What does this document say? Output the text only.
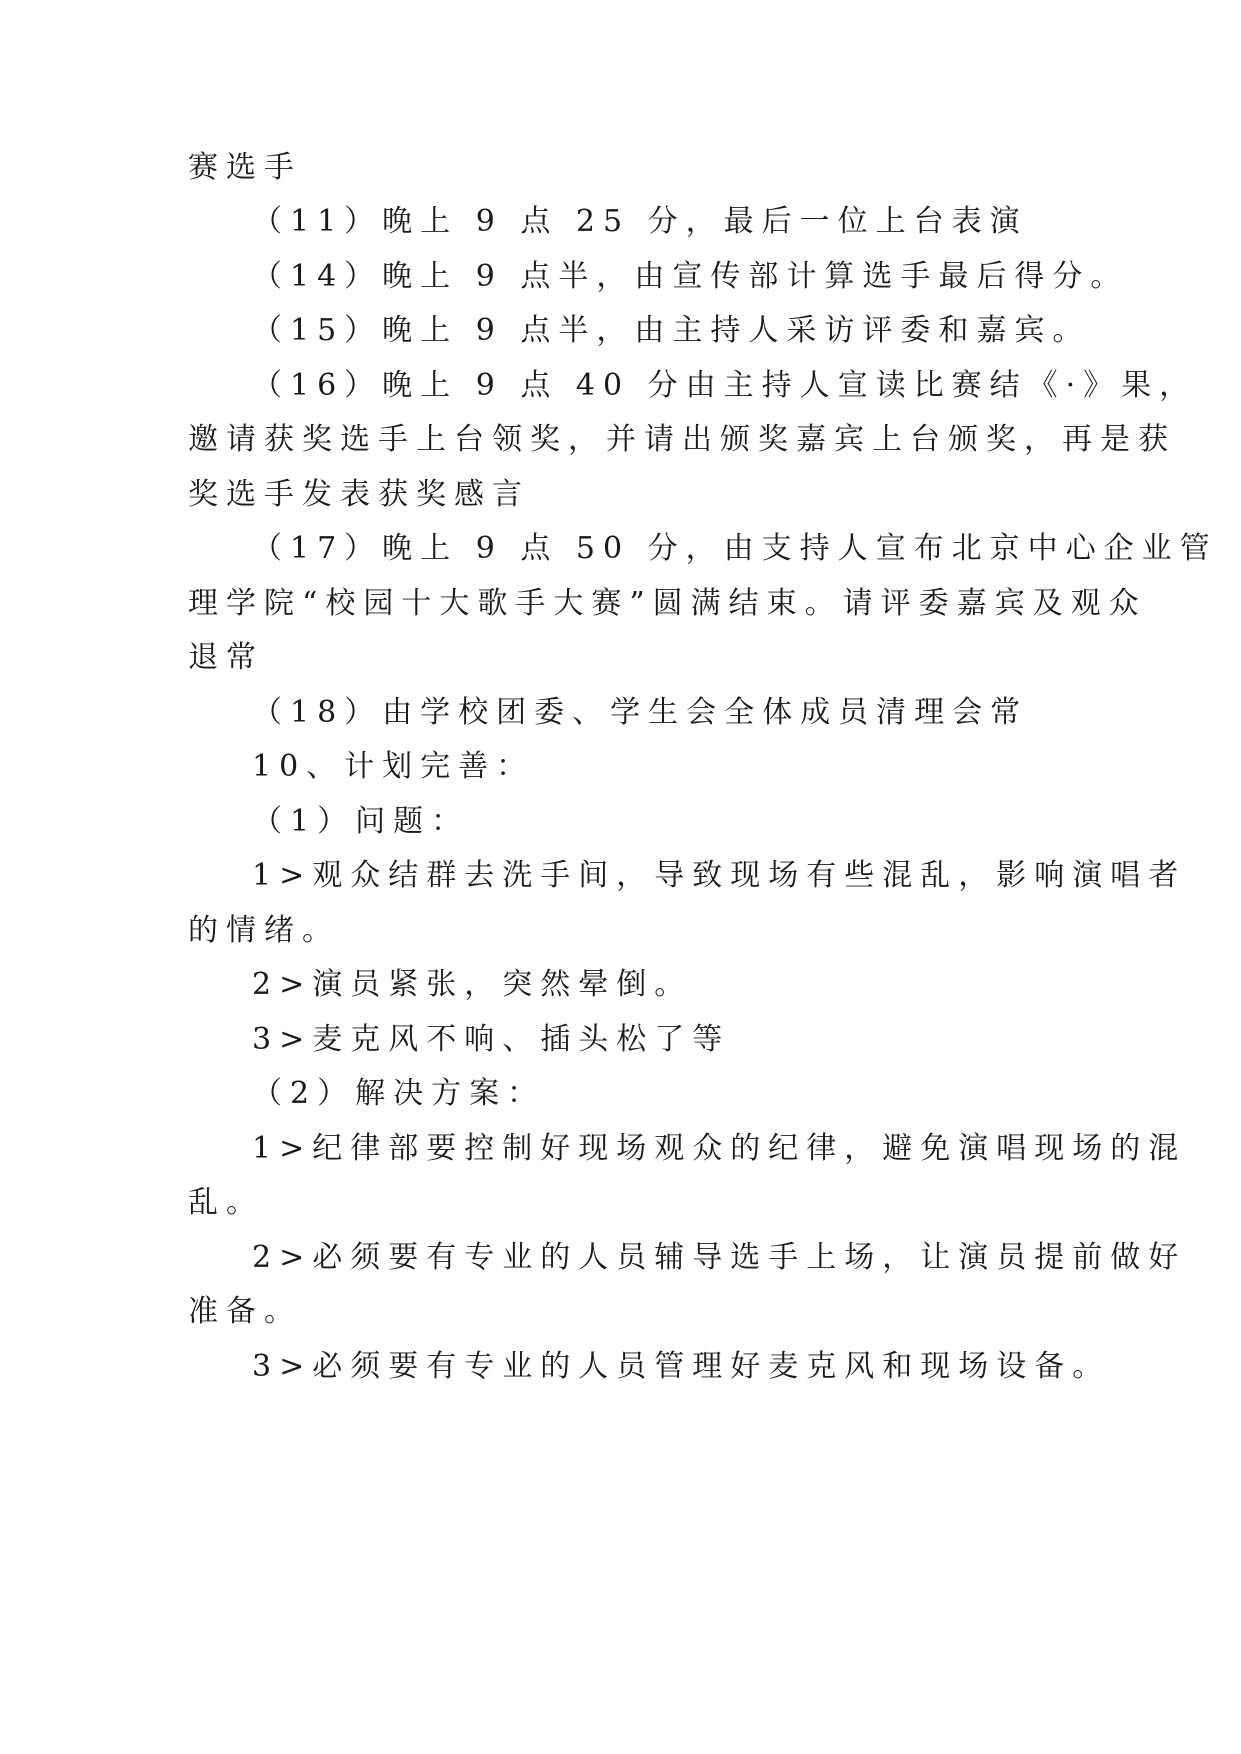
赛选手
（11）晚上 9 点 25 分，最后一位上台表演
（14）晚上 9 点半，由宣传部计算选手最后得分。
（15）晚上 9 点半，由主持人采访评委和嘉宾。
（16）晚上 9 点 40 分由主持人宣读比赛结《·》果，
邀请获奖选手上台领奖，并请出颁奖嘉宾上台颁奖，再是获
奖选手发表获奖感言
（17）晚上 9 点 50 分，由支持人宣布北京中心企业管
理学院“校园十大歌手大赛”圆满结束。请评委嘉宾及观众
退常
（18）由学校团委、学生会全体成员清理会常
10、计划完善：
（1）问题：
1>观众结群去洗手间，导致现场有些混乱，影响演唱者
的情绪。
2>演员紧张，突然晕倒。
3>麦克风不响、插头松了等
（2）解决方案：
1>纪律部要控制好现场观众的纪律，避免演唱现场的混
乱。
2>必须要有专业的人员辅导选手上场，让演员提前做好
准备。
3>必须要有专业的人员管理好麦克风和现场设备。
